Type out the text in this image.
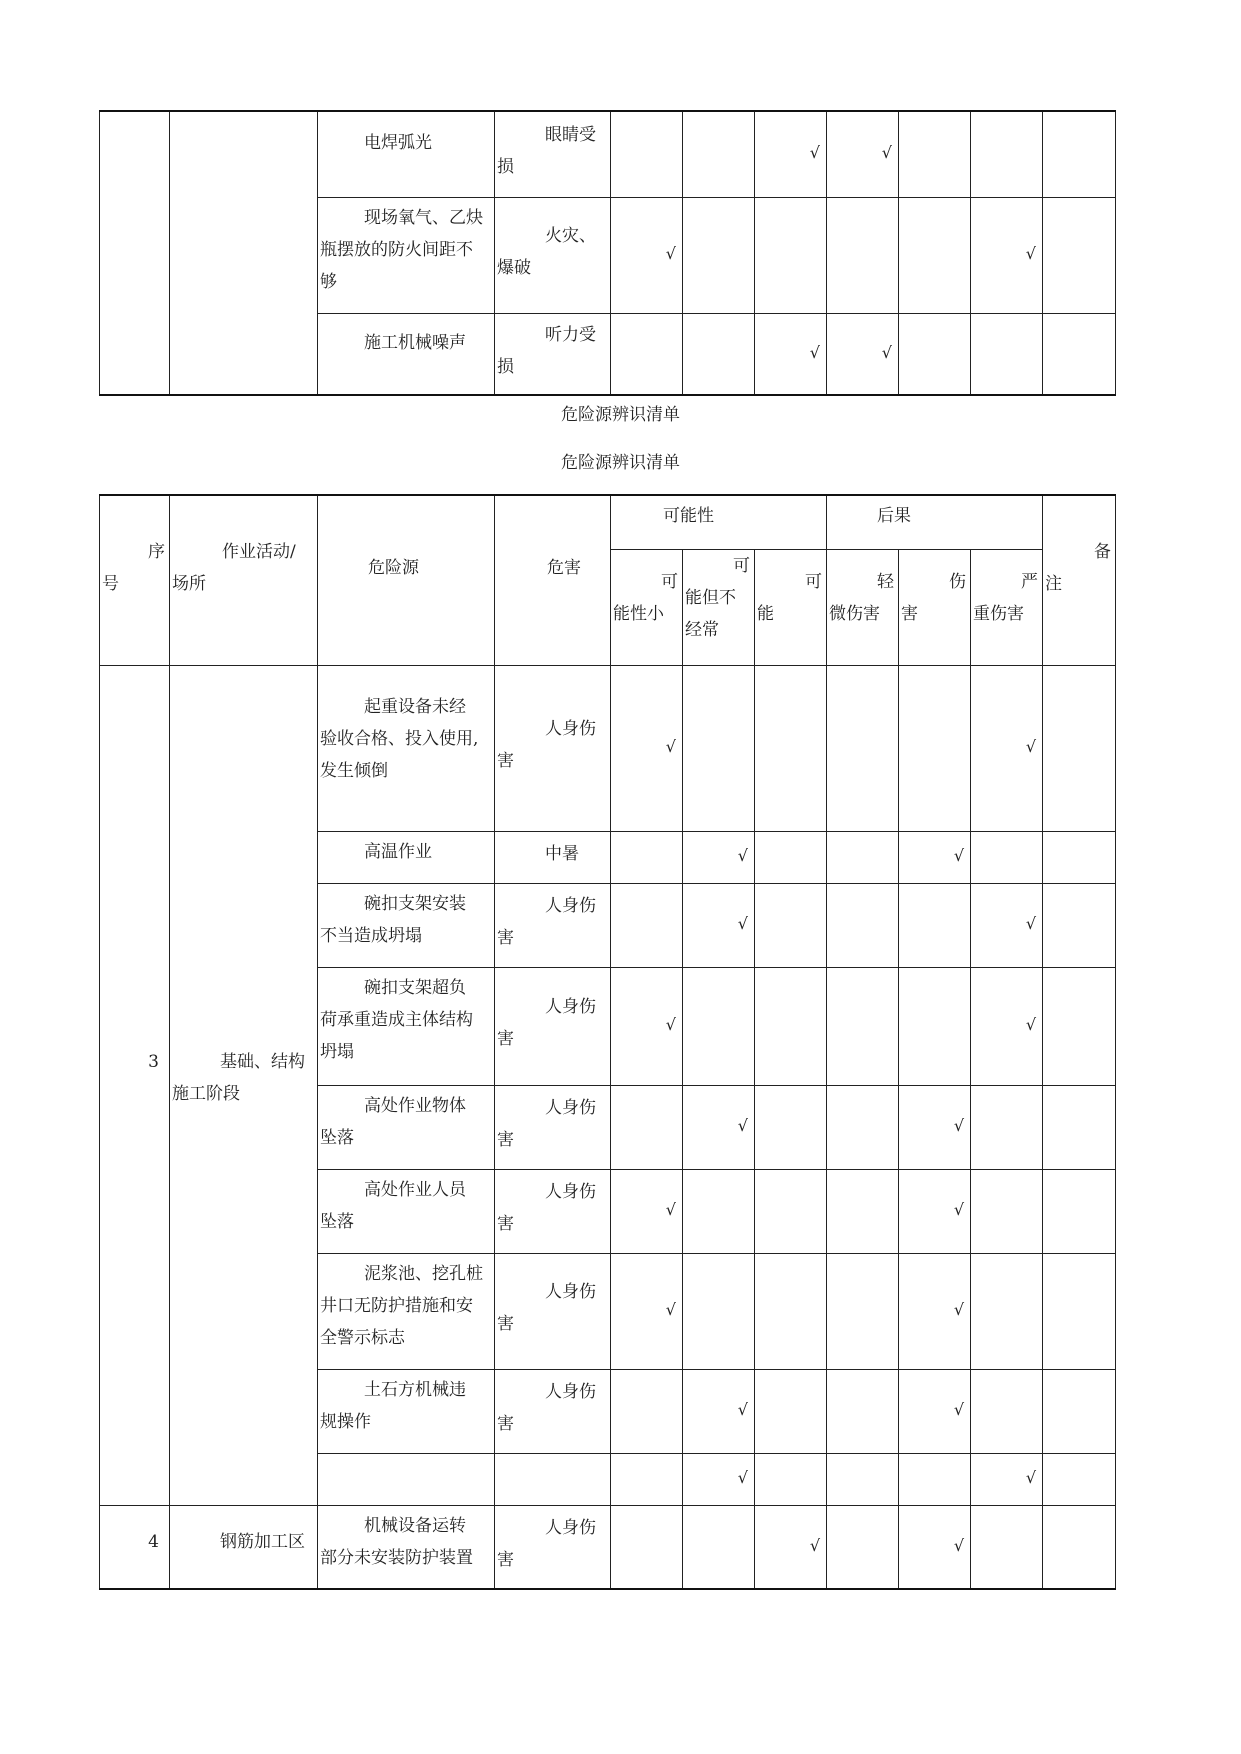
		电焊弧光	眼睛受
损			√	√			

		现场氧气、乙炔
瓶摆放的防火间距不
够	火灾、
爆破	√					√	

		施工机械噪声	听力受
损			√	√			

危险源辨识清单
危险源辨识清单
序
号	作业活动/
场所	危险源	危害	可能性			后果			备
注

				可
能性小	可
能但不
经常	可
能	轻
微伤害	伤
害	严
重伤害	

3	基础、结构
施工阶段	起重设备未经
验收合格、投入使用,
发生倾倒	人身伤
害	√					√	

		高温作业	中暑		√			√		

		碗扣支架安装
不当造成坍塌	人身伤
害		√				√	

		碗扣支架超负
荷承重造成主体结构
坍塌	人身伤
害	√					√	

		高处作业物体
坠落	人身伤
害		√			√		

		高处作业人员
坠落	人身伤
害	√				√		

		泥浆池、挖孔桩
井口无防护措施和安
全警示标志	人身伤
害	√				√		

		土石方机械违
规操作	人身伤
害		√			√		

					√				√	

4	钢筋加工区	机械设备运转
部分未安装防护装置	人身伤
害			√		√		
